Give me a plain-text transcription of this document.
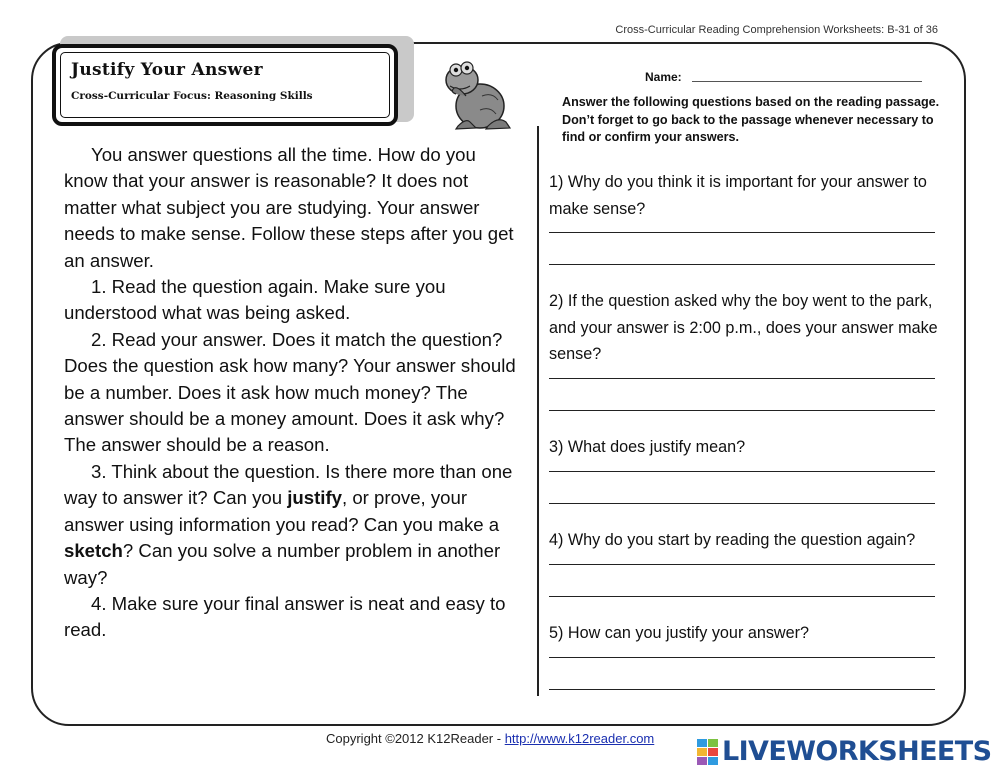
Cross-Curricular Reading Comprehension Worksheets: B-31 of 36
Justify Your Answer
Cross-Curricular Focus: Reasoning Skills
Name:
Answer the following questions based on the reading passage. Don’t forget to go back to the passage whenever necessary to find or confirm your answers.

You answer questions all the time. How do you know that your answer is reasonable? It does not matter what subject you are studying. Your answer needs to make sense. Follow these steps after you get an answer.

1. Read the question again. Make sure you understood what was being asked.

2. Read your answer. Does it match the question? Does the question ask how many? Your answer should be a number. Does it ask how much money? The answer should be a money amount. Does it ask why? The answer should be a reason.

3. Think about the question. Is there more than one way to answer it? Can you justify, or prove, your answer using information you read? Can you make a sketch? Can you solve a number problem in another way?

4. Make sure your final answer is neat and easy to read.

1) Why do you think it is important for your answer to make sense?

2) If the question asked why the boy went to the park, and your answer is 2:00 p.m., does your answer make sense?

3) What does justify mean?

4) Why do you start by reading the question again?

5) How can you justify your answer?

Copyright ©2012 K12Reader - http://www.k12reader.com	LIVEWORKSHEETS
